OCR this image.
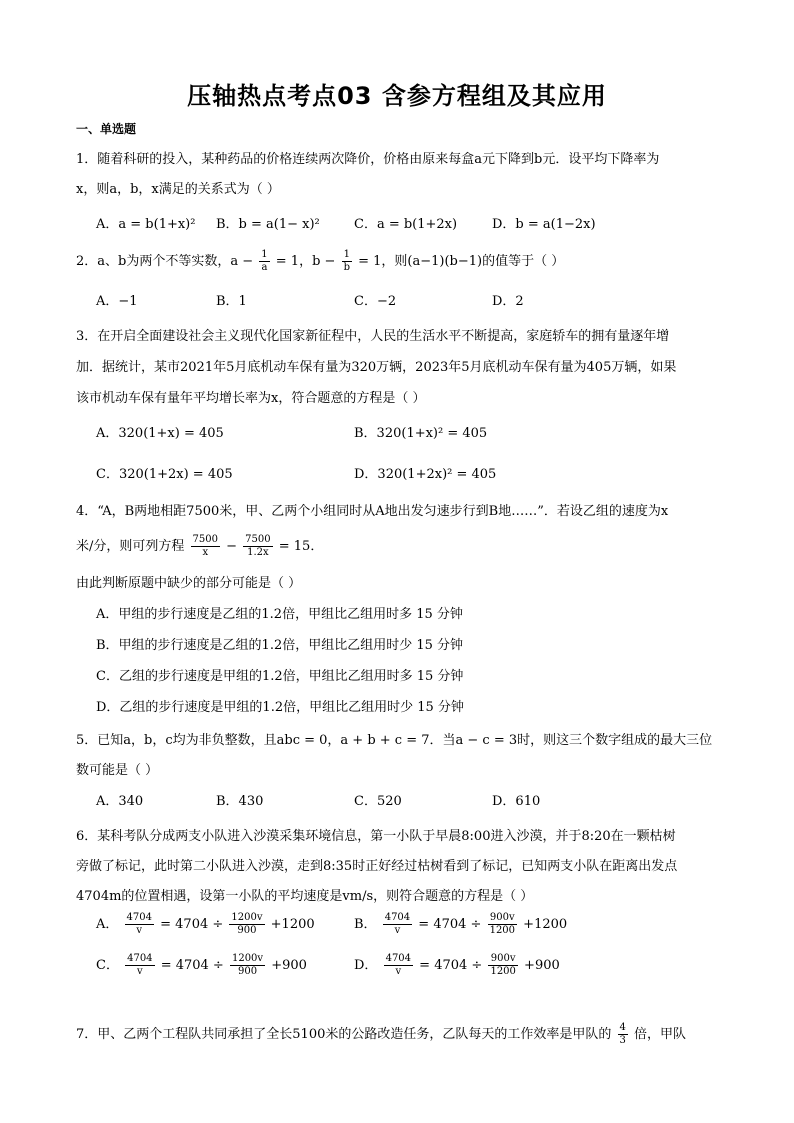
压轴热点考点03 含参方程组及其应用
一、单选题
1．随着科研的投入，某种药品的价格连续两次降价，价格由原来每盒a元下降到b元．设平均下降率为
x，则a，b，x满足的关系式为（ ）
A．a = b(1+x)² B．b = a(1− x)²	C．a = b(1+2x)	D．b = a(1−2x)
2．a、b为两个不等实数，$a - \frac{1}{a} = 1$，$b - \frac{1}{b} = 1$，则(a−1)(b−1)的值等于（ ）
A．−1	B．1	C．−2	D．2
3．在开启全面建设社会主义现代化国家新征程中，人民的生活水平不断提高，家庭轿车的拥有量逐年增
加．据统计，某市2021年5月底机动车保有量为320万辆，2023年5月底机动车保有量为405万辆，如果
该市机动车保有量年平均增长率为x，符合题意的方程是（ ）
A．320(1+x) = 405	B．320(1+x)² = 405
C．320(1+2x) = 405	D．320(1+2x)² = 405
4．“A，B两地相距7500米，甲、乙两个小组同时从A地出发匀速步行到B地……”．若设乙组的速度为x
米/分，则可列方程 $\frac{7500}{x} - \frac{7500}{1.2x} = 15$．
由此判断原题中缺少的部分可能是（ ）
A．甲组的步行速度是乙组的1.2倍，甲组比乙组用时多 15 分钟
B．甲组的步行速度是乙组的1.2倍，甲组比乙组用时少 15 分钟
C．乙组的步行速度是甲组的1.2倍，甲组比乙组用时多 15 分钟
D．乙组的步行速度是甲组的1.2倍，甲组比乙组用时少 15 分钟
5．已知a，b，c均为非负整数，且abc = 0，a + b + c = 7．当a − c = 3时，则这三个数字组成的最大三位
数可能是（ ）
A．340	B．430	C．520	D．610
6．某科考队分成两支小队进入沙漠采集环境信息，第一小队于早晨8:00进入沙漠，并于8:20在一颗枯树
旁做了标记，此时第二小队进入沙漠，走到8:35时正好经过枯树看到了标记，已知两支小队在距离出发点
4704m的位置相遇，设第一小队的平均速度是vm/s，则符合题意的方程是（ ）
A． $\frac{4704}{v} = 4704 \div \frac{1200v}{900} +1200$	B． $\frac{4704}{v} = 4704 \div \frac{900v}{1200} +1200$
C． $\frac{4704}{v} = 4704 \div \frac{1200v}{900} +900$	D． $\frac{4704}{v} = 4704 \div \frac{900v}{1200} +900$
7．甲、乙两个工程队共同承担了全长5100米的公路改造任务，乙队每天的工作效率是甲队的 $\frac{4}{3}$ 倍，甲队
